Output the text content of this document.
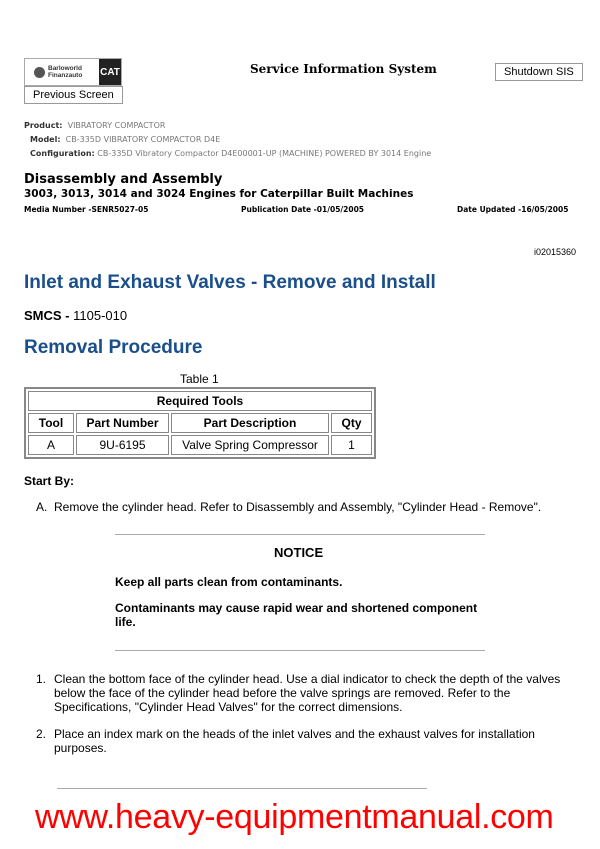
Barloworld Finanzauto	CAT
Previous Screen
Service Information System	Shutdown SIS
Product: VIBRATORY COMPACTOR
Model: CB-335D VIBRATORY COMPACTOR D4E
Configuration: CB-335D Vibratory Compactor D4E00001-UP (MACHINE) POWERED BY 3014 Engine
Disassembly and Assembly
3003, 3013, 3014 and 3024 Engines for Caterpillar Built Machines
Media Number -SENR5027-05	Publication Date -01/05/2005	Date Updated -16/05/2005
i02015360
Inlet and Exhaust Valves - Remove and Install
SMCS - 1105-010
Removal Procedure
Table 1
Required Tools			
Tool	Part Number	Part Description	Qty
A	9U-6195	Valve Spring Compressor	1
Start By:
A. Remove the cylinder head. Refer to Disassembly and Assembly, "Cylinder Head - Remove".
NOTICE
Keep all parts clean from contaminants.
Contaminants may cause rapid wear and shortened component life.
1. Clean the bottom face of the cylinder head. Use a dial indicator to check the depth of the valves below the face of the cylinder head before the valve springs are removed. Refer to the Specifications, "Cylinder Head Valves" for the correct dimensions.
2. Place an index mark on the heads of the inlet valves and the exhaust valves for installation purposes.
www.heavy-equipmentmanual.com
